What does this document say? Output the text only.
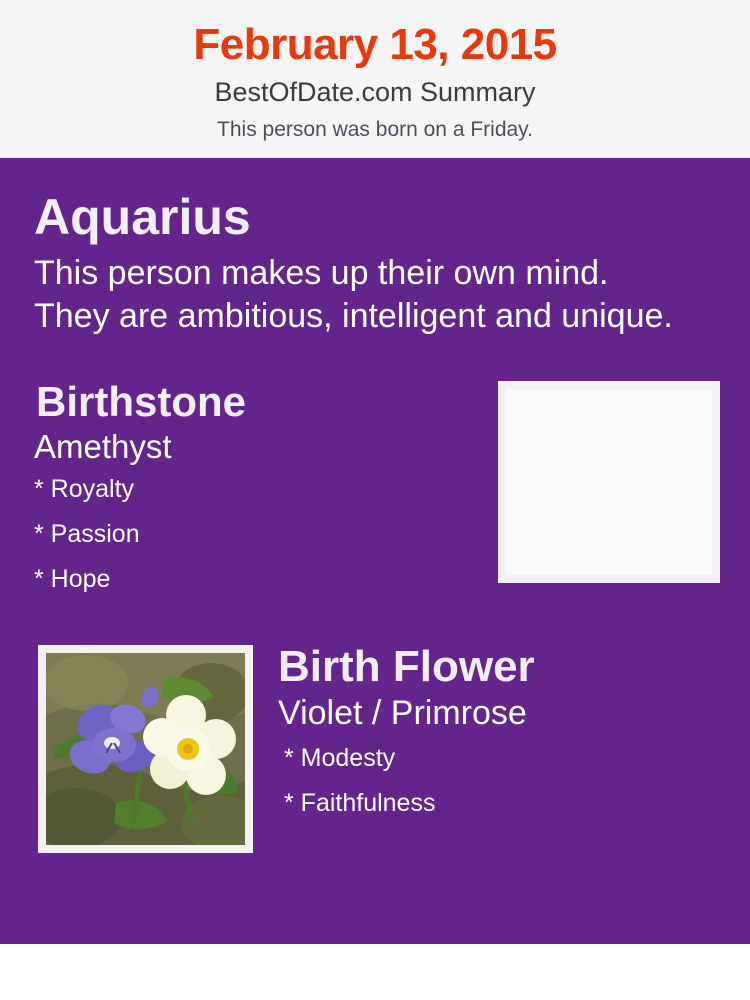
February 13, 2015
BestOfDate.com Summary
This person was born on a Friday.
Aquarius
This person makes up their own mind. They are ambitious, intelligent and unique.
Birthstone
Amethyst
* Royalty
* Passion
* Hope
Birth Flower
Violet / Primrose
* Modesty
* Faithfulness
